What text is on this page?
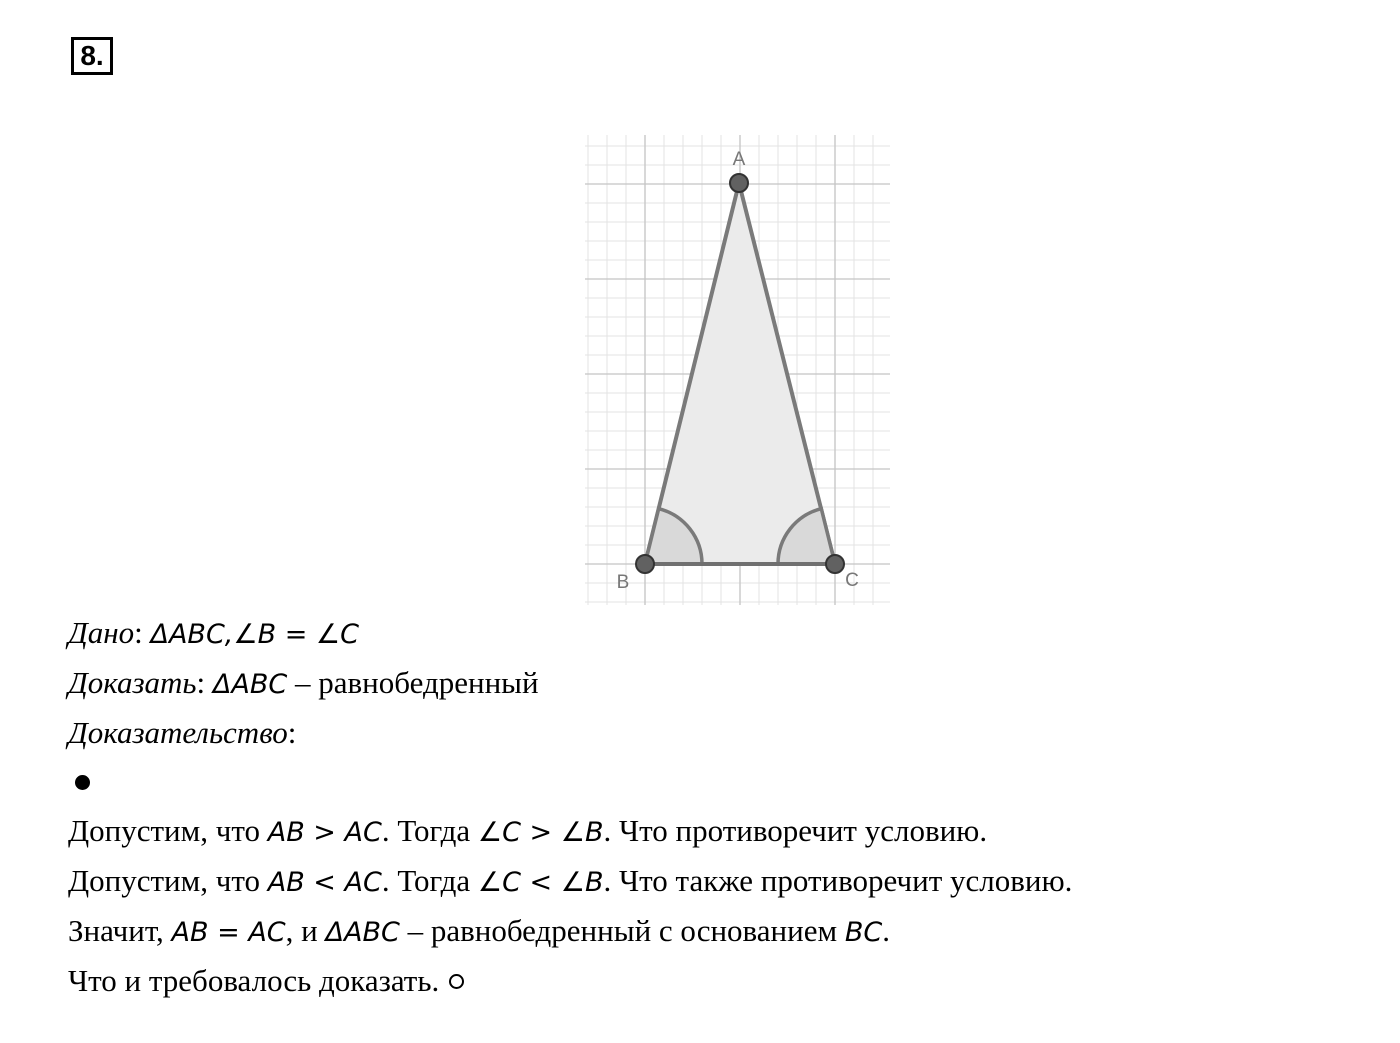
8.
A
B	C
Дано: ΔABC,∠B = ∠C
Доказать: ΔABC – равнобедренный
Доказательство:
Допустим, что AB > AC. Тогда ∠C > ∠B. Что противоречит условию.
Допустим, что AB < AC. Тогда ∠C < ∠B. Что также противоречит условию.
Значит, AB = AC, и ΔABC – равнобедренный с основанием BC.
Что и требовалось доказать.
